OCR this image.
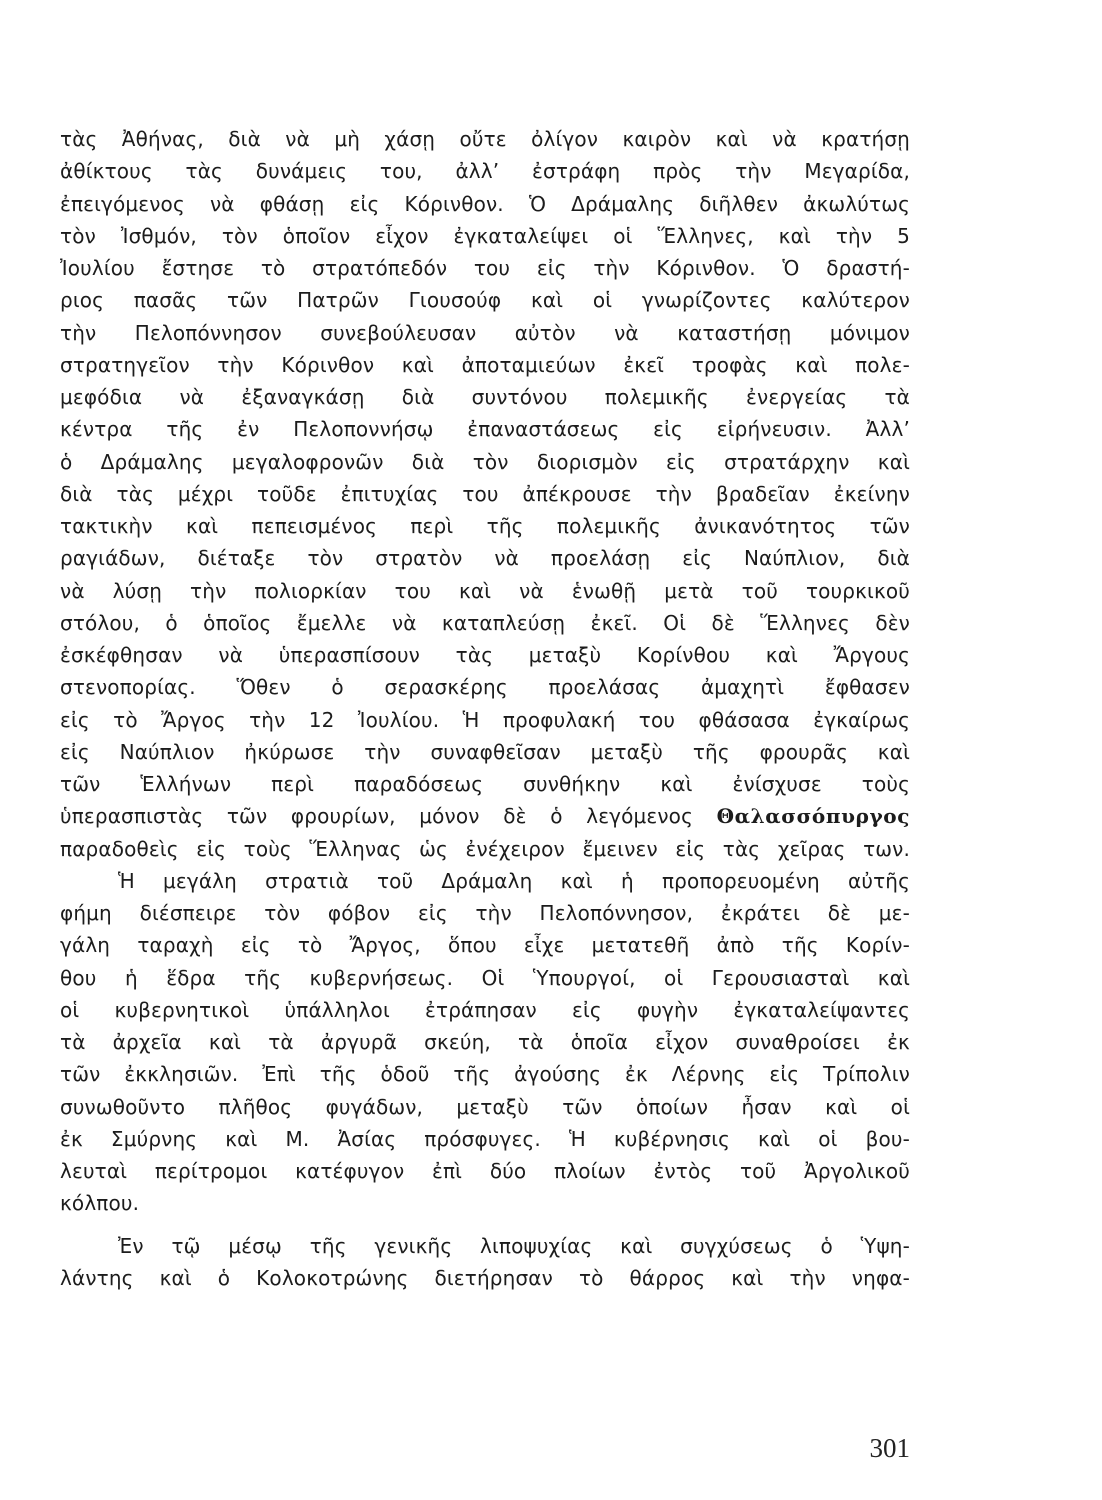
τὰς Ἀθήνας, διὰ νὰ μὴ χάσῃ οὔτε ὀλίγον καιρὸν καὶ νὰ κρατήσῃ
ἀθίκτους τὰς δυνάμεις του, ἀλλ’ ἐστράφη πρὸς τὴν Μεγαρίδα,
ἐπειγόμενος νὰ φθάσῃ εἰς Κόρινθον. Ὁ Δράμαλης διῆλθεν ἀκωλύτως
τὸν Ἰσθμόν, τὸν ὁποῖον εἶχον ἐγκαταλείψει οἱ Ἕλληνες, καὶ τὴν 5
Ἰουλίου ἔστησε τὸ στρατόπεδόν του εἰς τὴν Κόρινθον. Ὁ δραστή-
ριος πασᾶς τῶν Πατρῶν Γιουσούφ καὶ οἱ γνωρίζοντες καλύτερον
τὴν Πελοπόννησον συνεβούλευσαν αὐτὸν νὰ καταστήσῃ μόνιμον
στρατηγεῖον τὴν Κόρινθον καὶ ἀποταμιεύων ἐκεῖ τροφὰς καὶ πολε-
μεφόδια νὰ ἐξαναγκάσῃ διὰ συντόνου πολεμικῆς ἐνεργείας τὰ
κέντρα τῆς ἐν Πελοποννήσῳ ἐπαναστάσεως εἰς εἰρήνευσιν. Ἀλλ’
ὁ Δράμαλης μεγαλοφρονῶν διὰ τὸν διορισμὸν εἰς στρατάρχην καὶ
διὰ τὰς μέχρι τοῦδε ἐπιτυχίας του ἀπέκρουσε τὴν βραδεῖαν ἐκείνην
τακτικὴν καὶ πεπεισμένος περὶ τῆς πολεμικῆς ἀνικανότητος τῶν
ραγιάδων, διέταξε τὸν στρατὸν νὰ προελάσῃ εἰς Ναύπλιον, διὰ
νὰ λύσῃ τὴν πολιορκίαν του καὶ νὰ ἑνωθῇ μετὰ τοῦ τουρκικοῦ
στόλου, ὁ ὁποῖος ἔμελλε νὰ καταπλεύσῃ ἐκεῖ. Οἱ δὲ Ἕλληνες δὲν
ἐσκέφθησαν νὰ ὑπερασπίσουν τὰς μεταξὺ Κορίνθου καὶ Ἄργους
στενοπορίας. Ὅθεν ὁ σερασκέρης προελάσας ἀμαχητὶ ἔφθασεν
εἰς τὸ Ἄργος τὴν 12 Ἰουλίου. Ἡ προφυλακή του φθάσασα ἐγκαίρως
εἰς Ναύπλιον ἠκύρωσε τὴν συναφθεῖσαν μεταξὺ τῆς φρουρᾶς καὶ
τῶν Ἑλλήνων περὶ παραδόσεως συνθήκην καὶ ἐνίσχυσε τοὺς
ὑπερασπιστὰς τῶν φρουρίων, μόνον δὲ ὁ λεγόμενος Θαλασσόπυργος
παραδοθεὶς εἰς τοὺς Ἕλληνας ὡς ἐνέχειρον ἔμεινεν εἰς τὰς χεῖρας των.
Ἡ μεγάλη στρατιὰ τοῦ Δράμαλη καὶ ἡ προπορευομένη αὐτῆς
φήμη διέσπειρε τὸν φόβον εἰς τὴν Πελοπόννησον, ἐκράτει δὲ με-
γάλη ταραχὴ εἰς τὸ Ἄργος, ὅπου εἶχε μετατεθῆ ἀπὸ τῆς Κορίν-
θου ἡ ἕδρα τῆς κυβερνήσεως. Οἱ Ὑπουργοί, οἱ Γερουσιασταὶ καὶ
οἱ κυβερνητικοὶ ὑπάλληλοι ἐτράπησαν εἰς φυγὴν ἐγκαταλείψαντες
τὰ ἀρχεῖα καὶ τὰ ἀργυρᾶ σκεύη, τὰ ὁποῖα εἶχον συναθροίσει ἐκ
τῶν ἐκκλησιῶν. Ἐπὶ τῆς ὁδοῦ τῆς ἀγούσης ἐκ Λέρνης εἰς Τρίπολιν
συνωθοῦντο πλῆθος φυγάδων, μεταξὺ τῶν ὁποίων ἦσαν καὶ οἱ
ἐκ Σμύρνης καὶ Μ. Ἀσίας πρόσφυγες. Ἡ κυβέρνησις καὶ οἱ βου-
λευταὶ περίτρομοι κατέφυγον ἐπὶ δύο πλοίων ἐντὸς τοῦ Ἀργολικοῦ
κόλπου.
Ἐν τῷ μέσῳ τῆς γενικῆς λιποψυχίας καὶ συγχύσεως ὁ Ὑψη-
λάντης καὶ ὁ Κολοκοτρώνης διετήρησαν τὸ θάρρος καὶ τὴν νηφα-
301
